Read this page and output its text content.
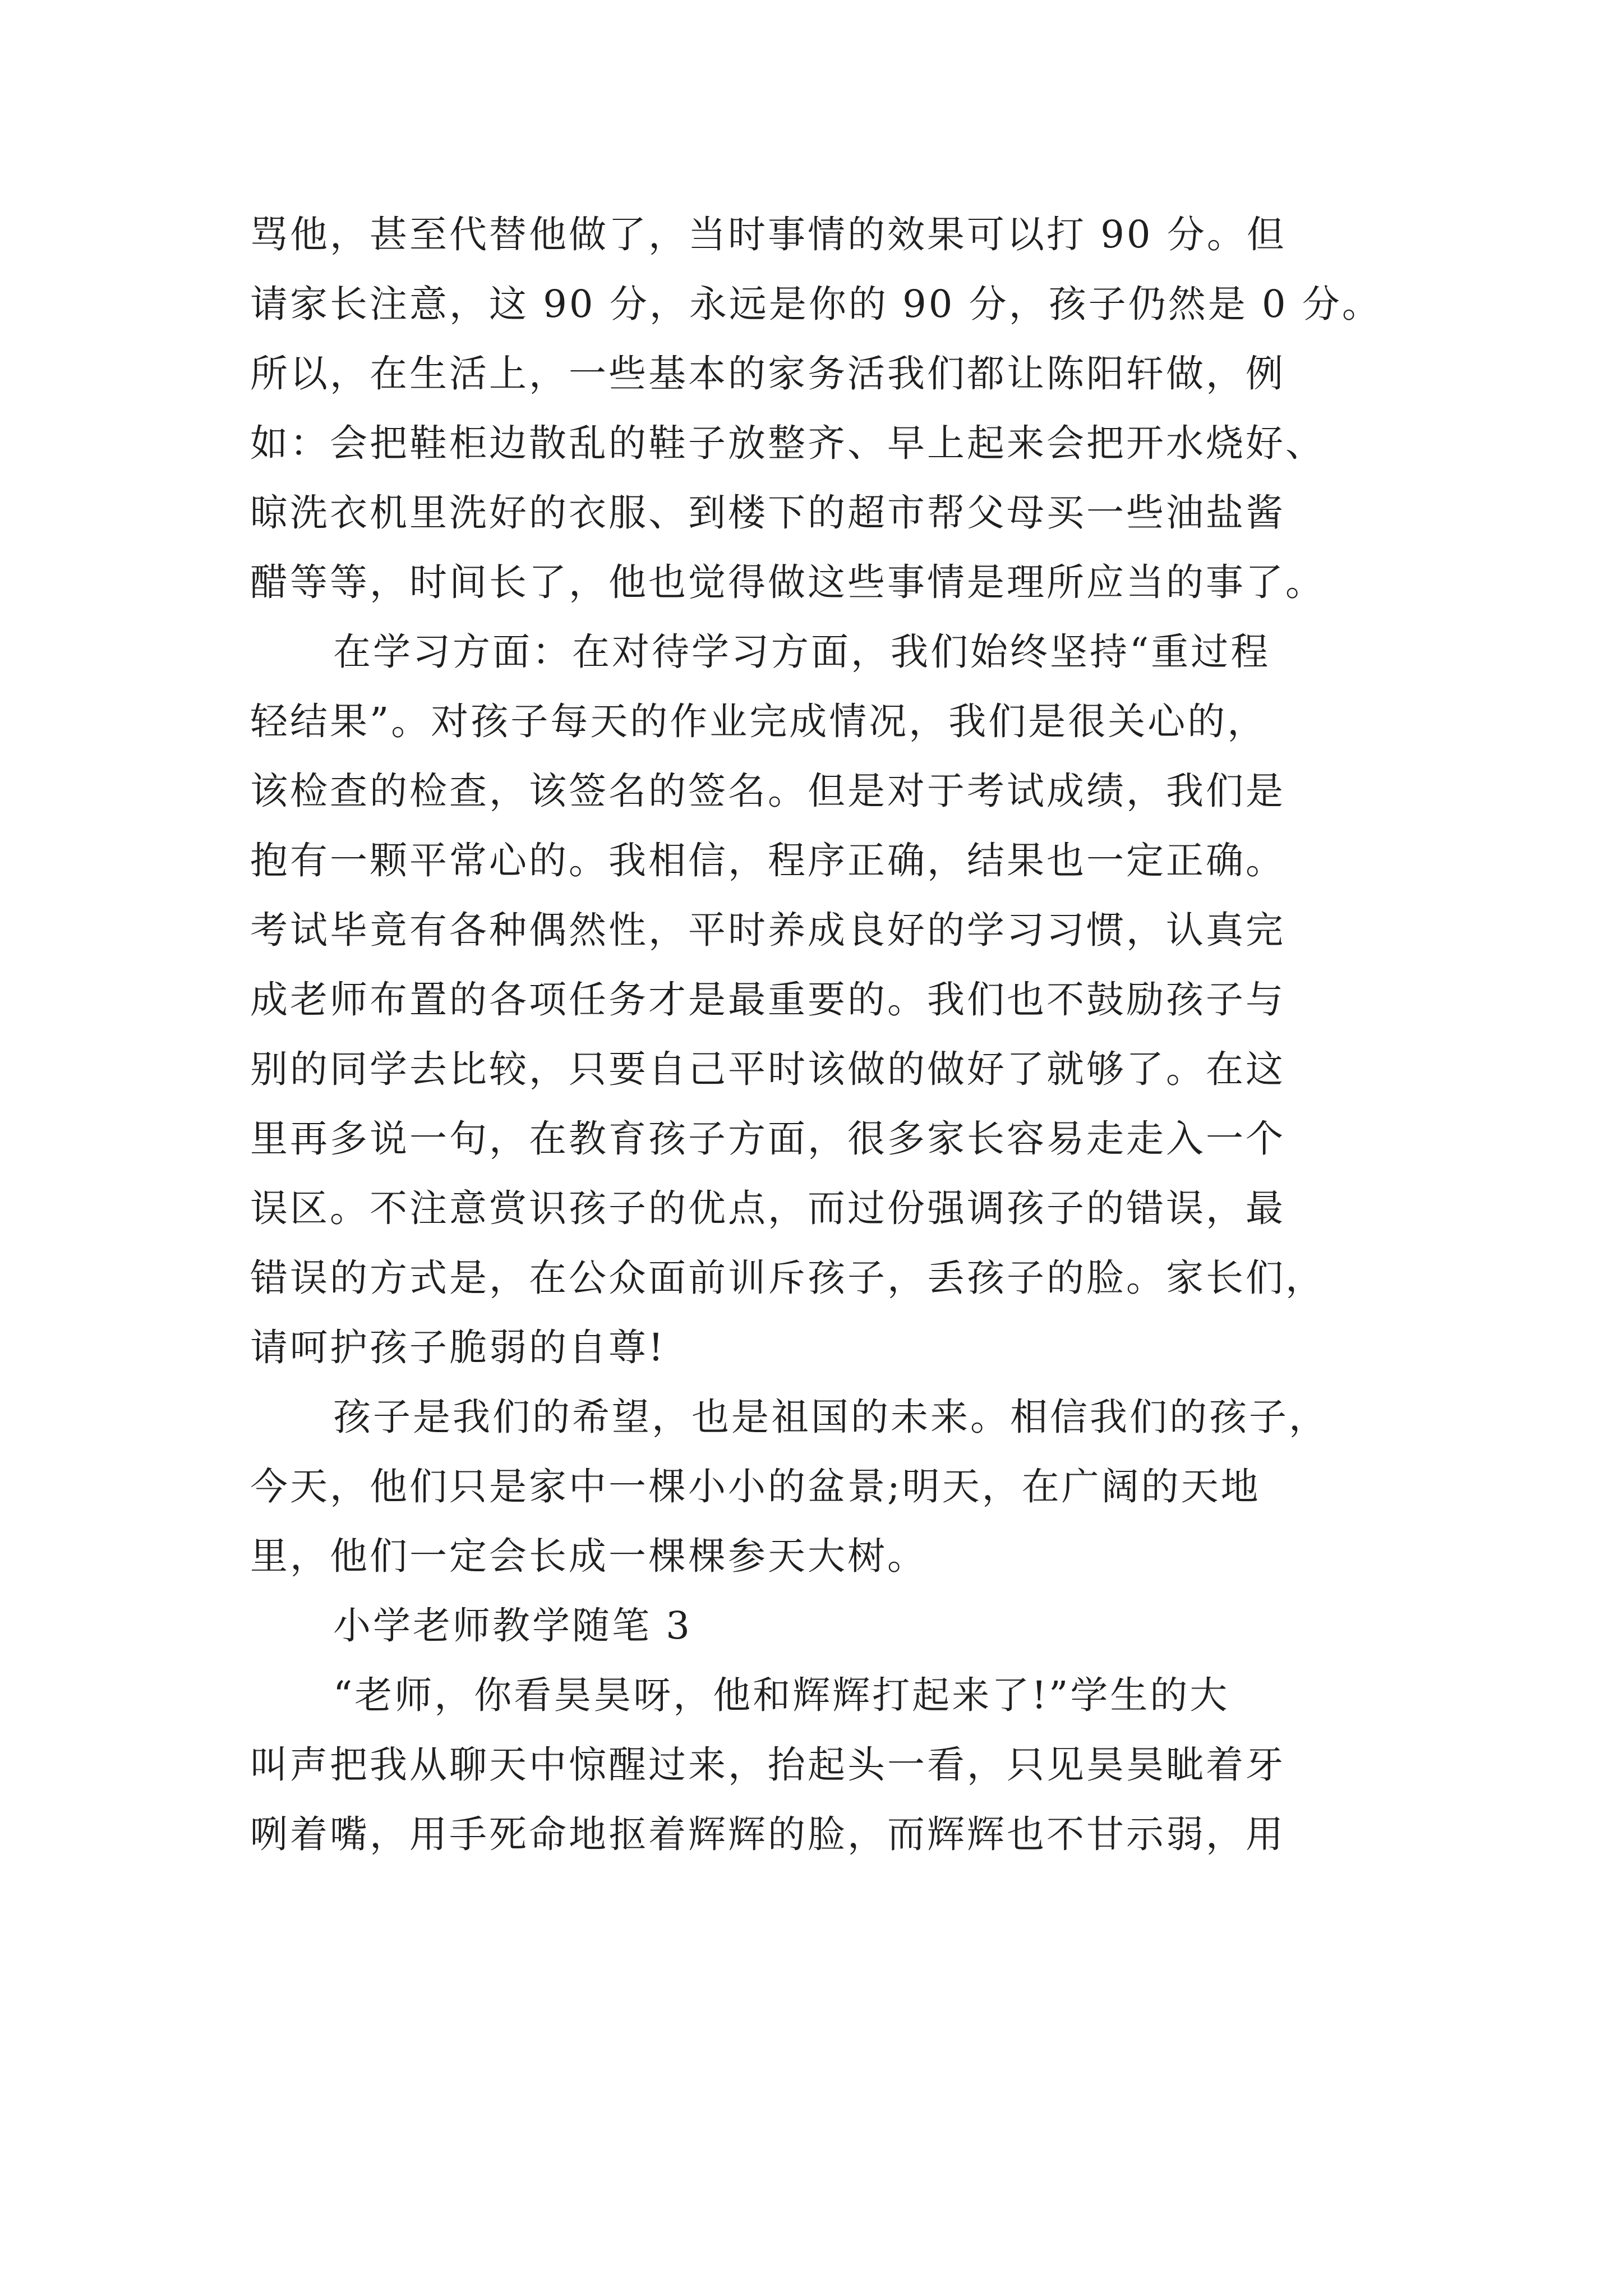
骂他，甚至代替他做了，当时事情的效果可以打 90 分。但
请家长注意，这 90 分，永远是你的 90 分，孩子仍然是 0 分。
所以，在生活上，一些基本的家务活我们都让陈阳轩做，例
如：会把鞋柜边散乱的鞋子放整齐、早上起来会把开水烧好、
晾洗衣机里洗好的衣服、到楼下的超市帮父母买一些油盐酱
醋等等，时间长了，他也觉得做这些事情是理所应当的事了。
在学习方面：在对待学习方面，我们始终坚持“重过程
轻结果”。对孩子每天的作业完成情况，我们是很关心的，
该检查的检查，该签名的签名。但是对于考试成绩，我们是
抱有一颗平常心的。我相信，程序正确，结果也一定正确。
考试毕竟有各种偶然性，平时养成良好的学习习惯，认真完
成老师布置的各项任务才是最重要的。我们也不鼓励孩子与
别的同学去比较，只要自己平时该做的做好了就够了。在这
里再多说一句，在教育孩子方面，很多家长容易走走入一个
误区。不注意赏识孩子的优点，而过份强调孩子的错误，最
错误的方式是，在公众面前训斥孩子，丢孩子的脸。家长们，
请呵护孩子脆弱的自尊!
孩子是我们的希望，也是祖国的未来。相信我们的孩子，
今天，他们只是家中一棵小小的盆景;明天，在广阔的天地
里，他们一定会长成一棵棵参天大树。
小学老师教学随笔 3
“老师，你看昊昊呀，他和辉辉打起来了!”学生的大
叫声把我从聊天中惊醒过来，抬起头一看，只见昊昊眦着牙
咧着嘴，用手死命地抠着辉辉的脸，而辉辉也不甘示弱，用
